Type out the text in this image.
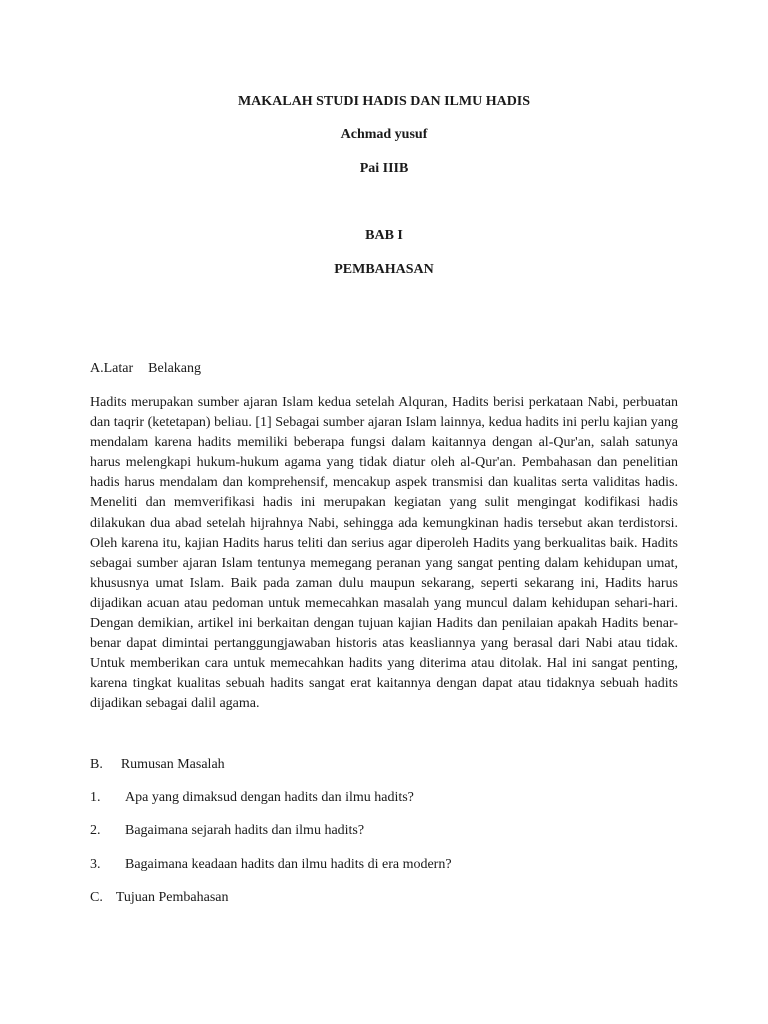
MAKALAH STUDI HADIS DAN ILMU HADIS
Achmad yusuf
Pai IIIB
BAB I
PEMBAHASAN
A.Latar Belakang

Hadits merupakan sumber ajaran Islam kedua setelah Alquran, Hadits berisi perkataan Nabi, perbuatan dan taqrir (ketetapan) beliau. [1] Sebagai sumber ajaran Islam lainnya, kedua hadits ini perlu kajian yang mendalam karena hadits memiliki beberapa fungsi dalam kaitannya dengan al-Qur'an, salah satunya harus melengkapi hukum-hukum agama yang tidak diatur oleh al-Qur'an. Pembahasan dan penelitian hadis harus mendalam dan komprehensif, mencakup aspek transmisi dan kualitas serta validitas hadis. Meneliti dan memverifikasi hadis ini merupakan kegiatan yang sulit mengingat kodifikasi hadis dilakukan dua abad setelah hijrahnya Nabi, sehingga ada kemungkinan hadis tersebut akan terdistorsi. Oleh karena itu, kajian Hadits harus teliti dan serius agar diperoleh Hadits yang berkualitas baik. Hadits sebagai sumber ajaran Islam tentunya memegang peranan yang sangat penting dalam kehidupan umat, khususnya umat Islam. Baik pada zaman dulu maupun sekarang, seperti sekarang ini, Hadits harus dijadikan acuan atau pedoman untuk memecahkan masalah yang muncul dalam kehidupan sehari-hari. Dengan demikian, artikel ini berkaitan dengan tujuan kajian Hadits dan penilaian apakah Hadits benar-benar dapat dimintai pertanggungjawaban historis atas keasliannya yang berasal dari Nabi atau tidak. Untuk memberikan cara untuk memecahkan hadits yang diterima atau ditolak. Hal ini sangat penting, karena tingkat kualitas sebuah hadits sangat erat kaitannya dengan dapat atau tidaknya sebuah hadits dijadikan sebagai dalil agama.

B. Rumusan Masalah
1. Apa yang dimaksud dengan hadits dan ilmu hadits?
2. Bagaimana sejarah hadits dan ilmu hadits?
3. Bagaimana keadaan hadits dan ilmu hadits di era modern?
C. Tujuan Pembahasan
